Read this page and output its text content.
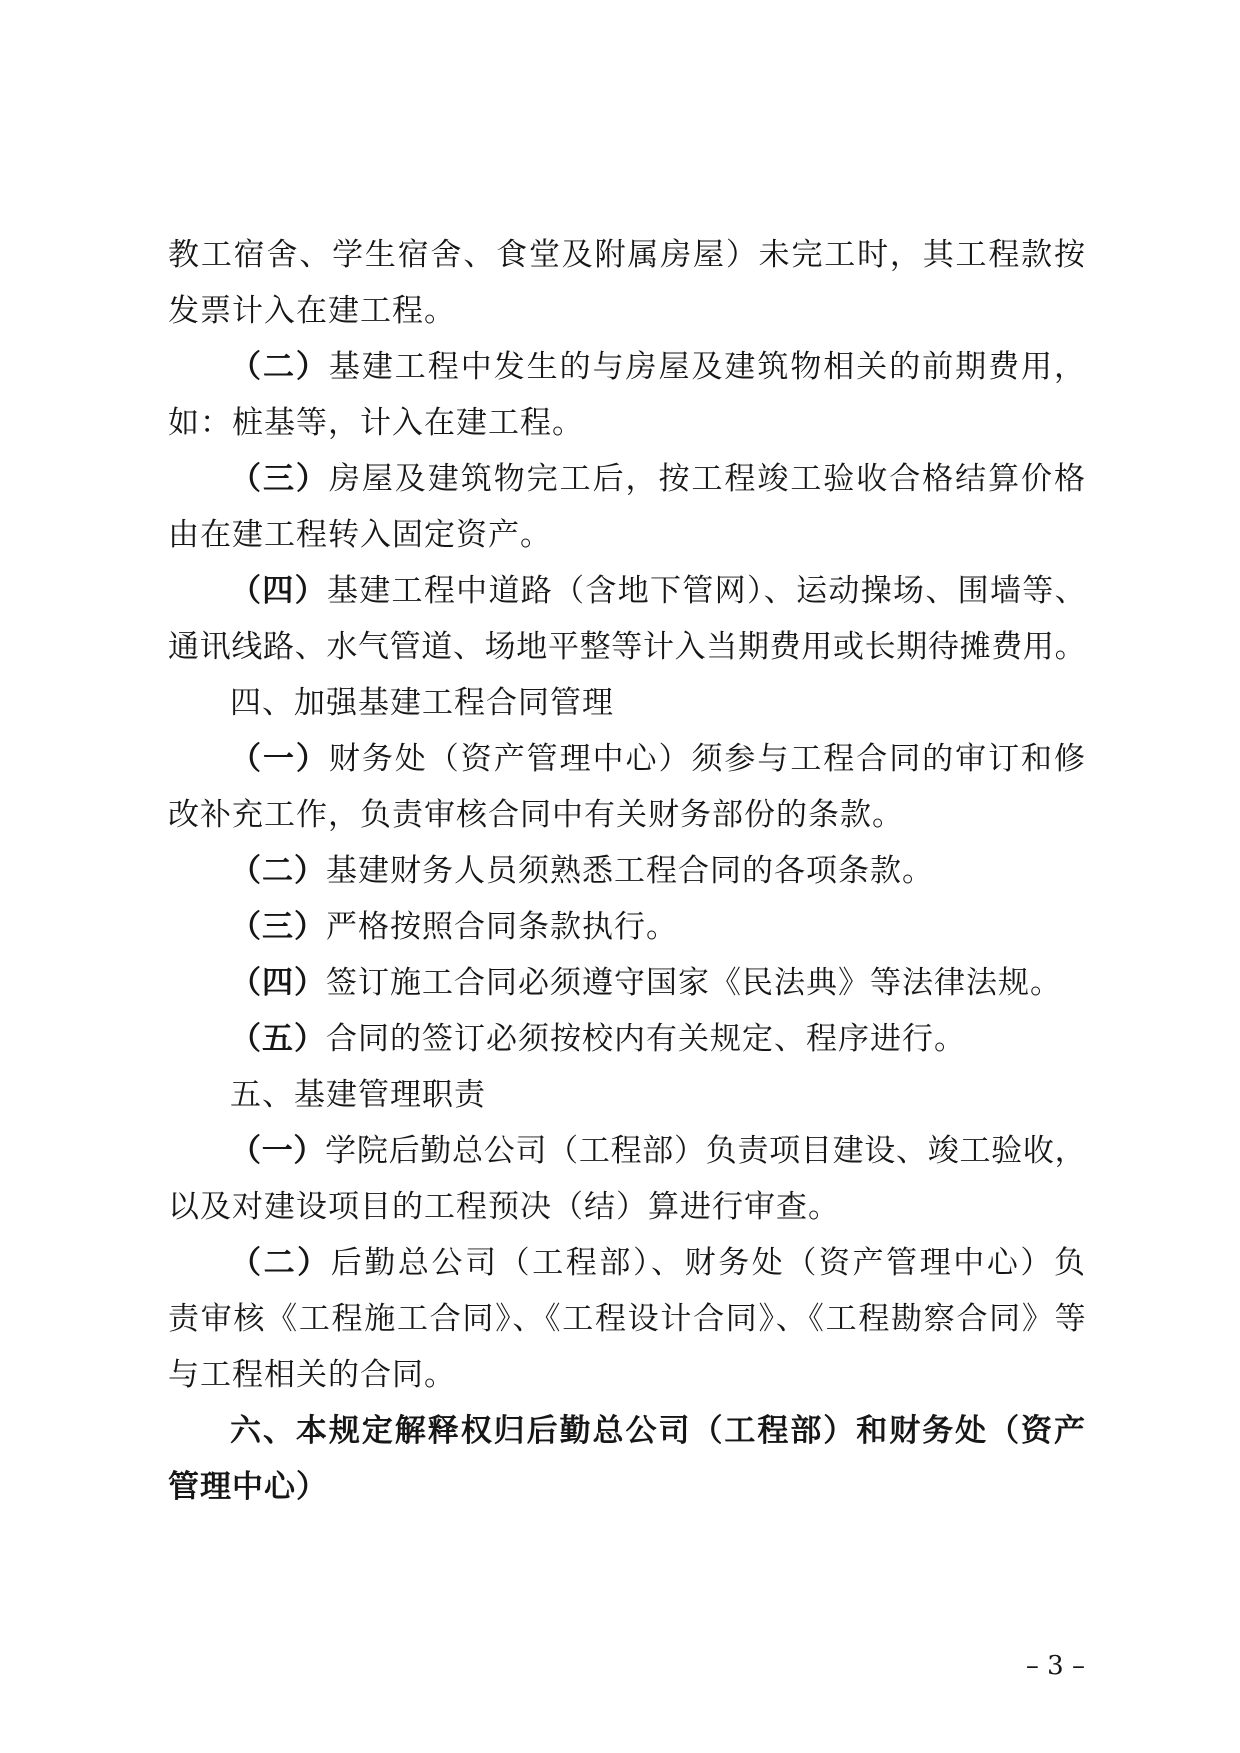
教工宿舍、学生宿舍、食堂及附属房屋）未完工时，其工程款按
发票计入在建工程。
（二）基建工程中发生的与房屋及建筑物相关的前期费用，
如：桩基等，计入在建工程。
（三）房屋及建筑物完工后，按工程竣工验收合格结算价格
由在建工程转入固定资产。
（四）基建工程中道路（含地下管网）、运动操场、围墙等、
通讯线路、水气管道、场地平整等计入当期费用或长期待摊费用。
四、加强基建工程合同管理
（一）财务处（资产管理中心）须参与工程合同的审订和修
改补充工作，负责审核合同中有关财务部份的条款。
（二）基建财务人员须熟悉工程合同的各项条款。
（三）严格按照合同条款执行。
（四）签订施工合同必须遵守国家《民法典》等法律法规。
（五）合同的签订必须按校内有关规定、程序进行。
五、基建管理职责
（一）学院后勤总公司（工程部）负责项目建设、竣工验收，
以及对建设项目的工程预决（结）算进行审查。
（二）后勤总公司（工程部）、财务处（资产管理中心）负
责审核《工程施工合同》、《工程设计合同》、《工程勘察合同》等
与工程相关的合同。
六、本规定解释权归后勤总公司（工程部）和财务处（资产
管理中心）
– 3 –
